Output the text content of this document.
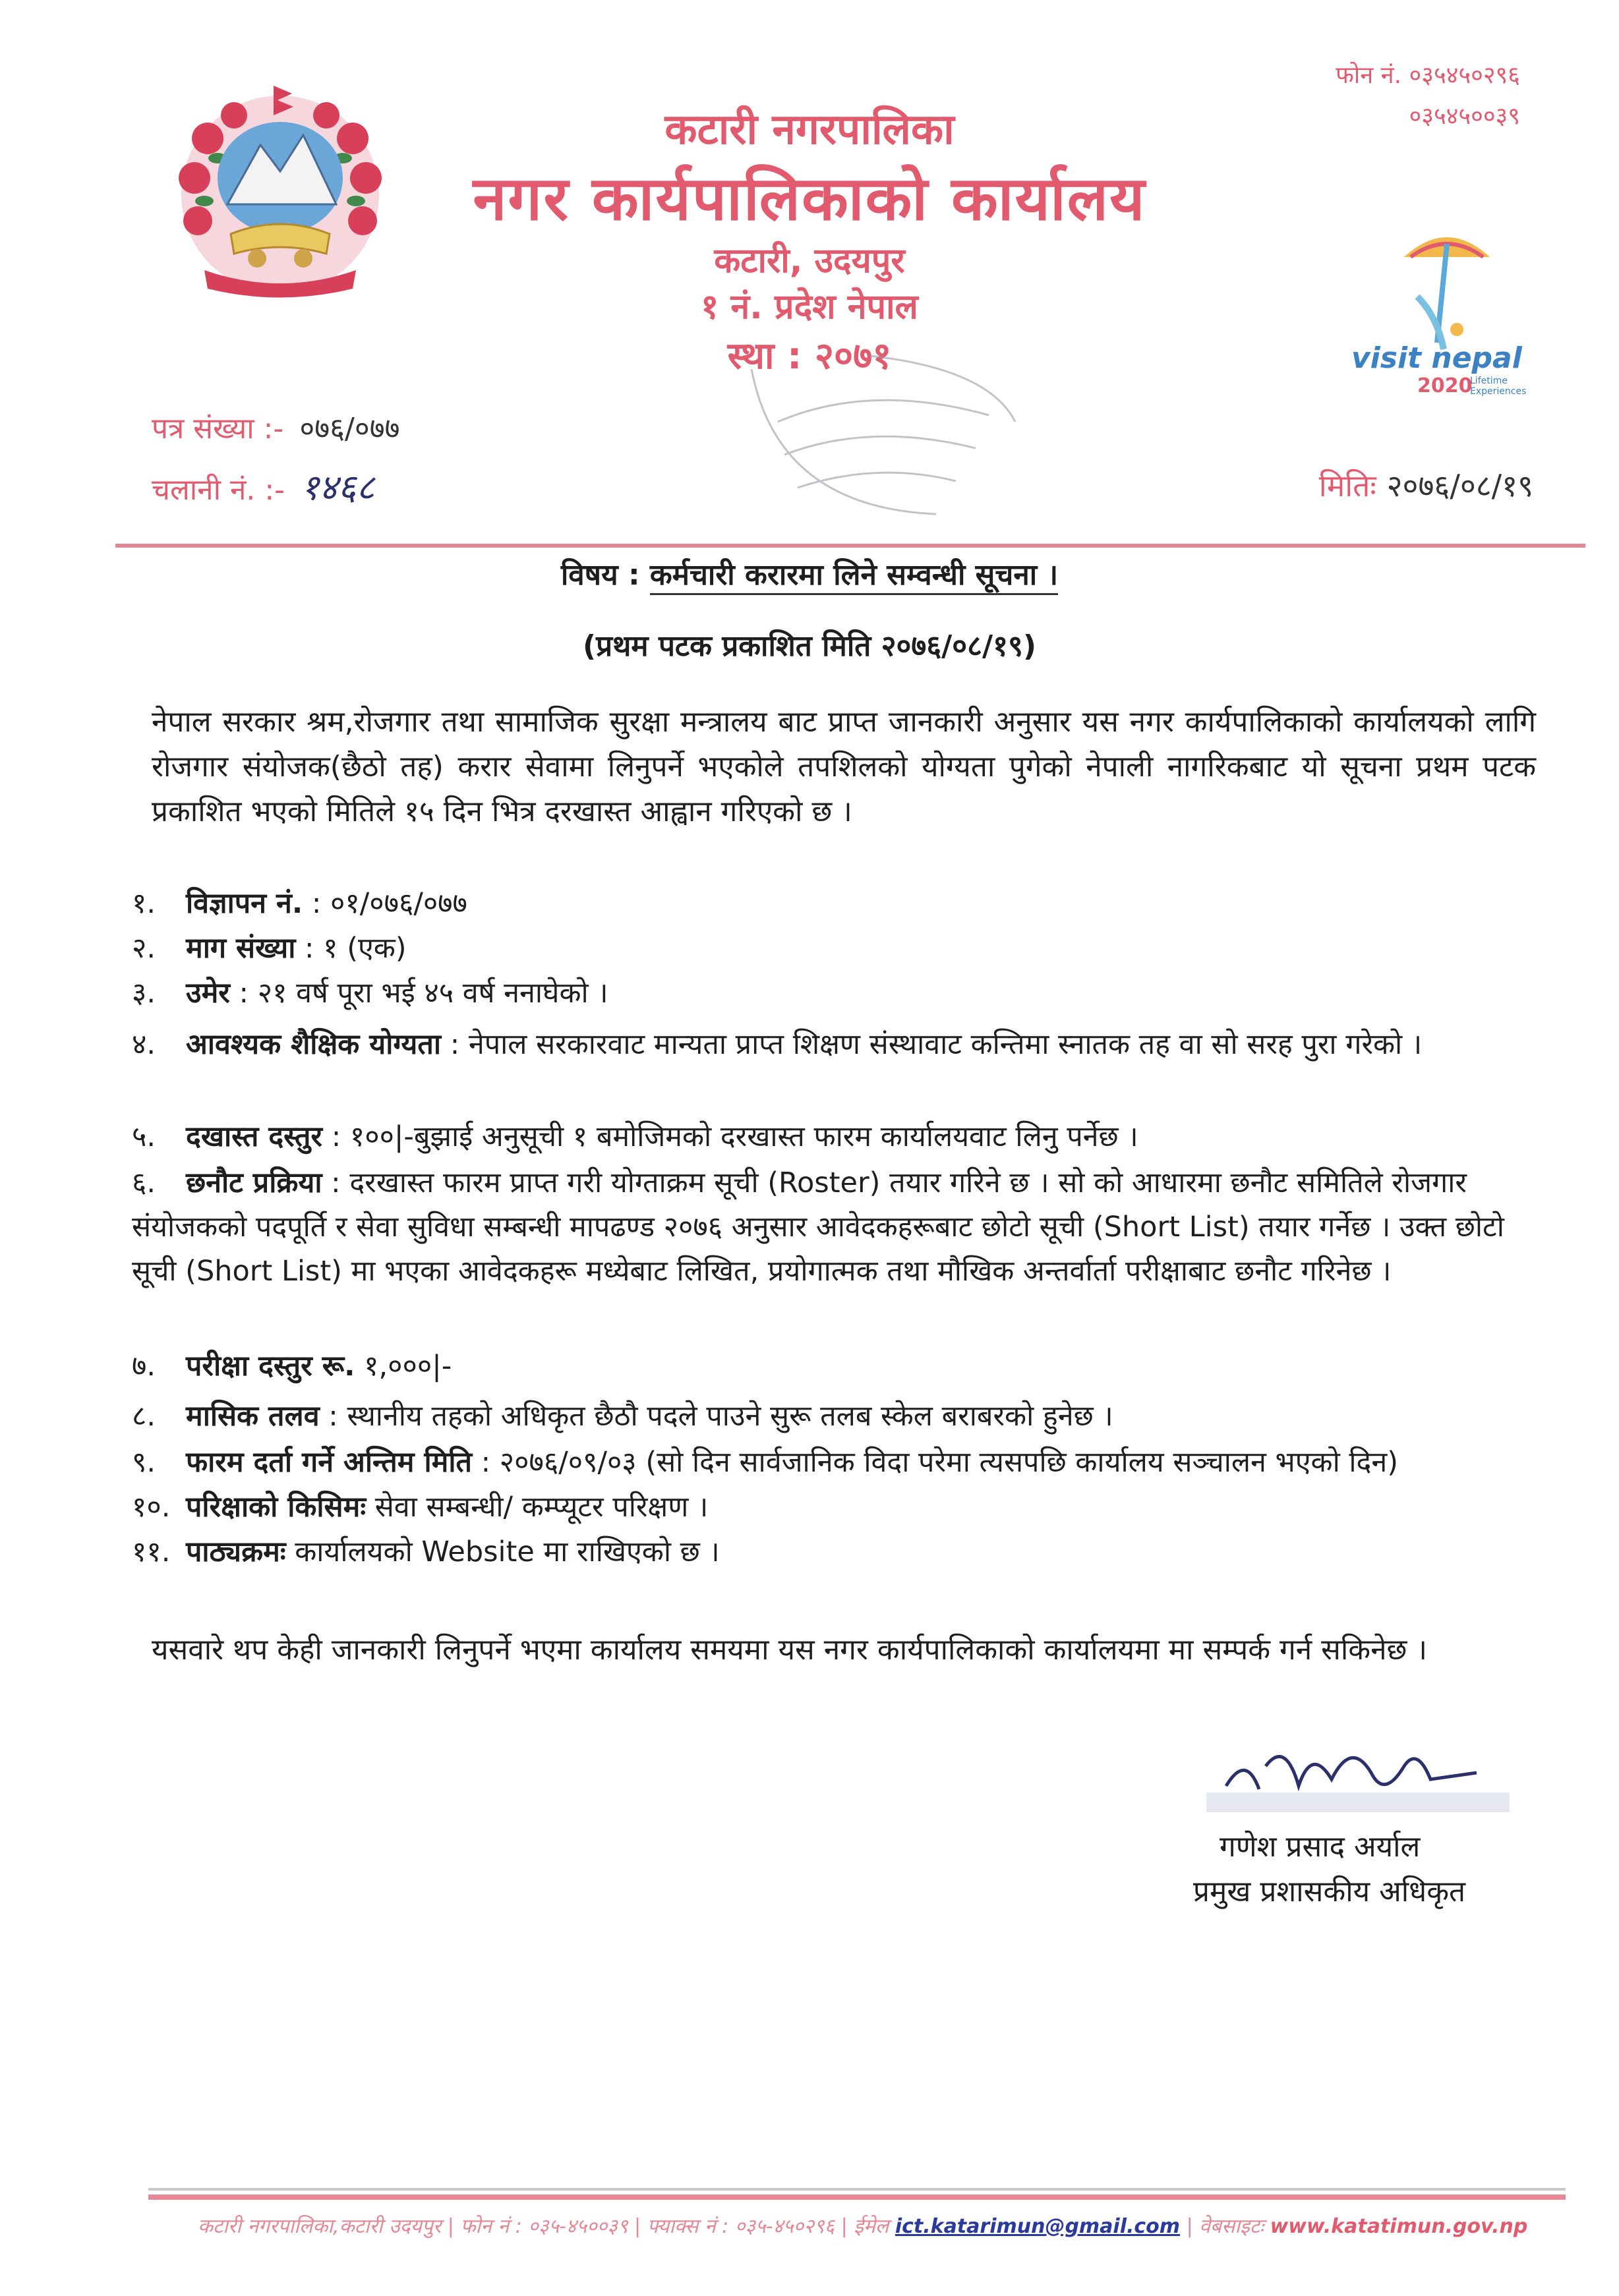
कटारी नगरपालिका
नगर कार्यपालिकाको कार्यालय
कटारी, उदयपुर
१ नं. प्रदेश नेपाल
स्था : २०७१
फोन नं. ०३५४५०२९६
०३५४५००३९
visit nepal
2020
Lifetime Experiences
पत्र संख्या :- ०७६/०७७
चलानी नं. :- १४६८	मितिः २०७६/०८/१९
विषय : कर्मचारी करारमा लिने सम्वन्धी सूचना ।
(प्रथम पटक प्रकाशित मिति २०७६/०८/१९)
नेपाल सरकार श्रम,रोजगार तथा सामाजिक सुरक्षा मन्त्रालय बाट प्राप्त जानकारी अनुसार यस नगर कार्यपालिकाको कार्यालयको लागि रोजगार संयोजक(छैठो तह) करार सेवामा लिनुपर्ने भएकोले तपशिलको योग्यता पुगेको नेपाली नागरिकबाट यो सूचना प्रथम पटक प्रकाशित भएको मितिले १५ दिन भित्र दरखास्त आह्वान गरिएको छ ।
१. विज्ञापन नं. : ०१/०७६/०७७
२. माग संख्या : १ (एक)
३. उमेर : २१ वर्ष पूरा भई ४५ वर्ष ननाघेको ।
४. आवश्यक शैक्षिक योग्यता : नेपाल सरकारवाट मान्यता प्राप्त शिक्षण संस्थावाट कन्तिमा स्नातक तह वा सो सरह पुरा गरेको ।
५. दखास्त दस्तुर : १००|-बुझाई अनुसूची १ बमोजिमको दरखास्त फारम कार्यालयवाट लिनु पर्नेछ ।
६. छनौट प्रक्रिया : दरखास्त फारम प्राप्त गरी योग्ताक्रम सूची (Roster) तयार गरिने छ । सो को आधारमा छनौट समितिले रोजगार संयोजकको पदपूर्ति र सेवा सुविधा सम्बन्धी मापढण्ड २०७६ अनुसार आवेदकहरूबाट छोटो सूची (Short List) तयार गर्नेछ । उक्त छोटो सूची (Short List) मा भएका आवेदकहरू मध्येबाट लिखित, प्रयोगात्मक तथा मौखिक अन्तर्वार्ता परीक्षाबाट छनौट गरिनेछ ।
७. परीक्षा दस्तुर रू. १,०००|-
८. मासिक तलव : स्थानीय तहको अधिकृत छैठौ पदले पाउने सुरू तलब स्केल बराबरको हुनेछ ।
९. फारम दर्ता गर्ने अन्तिम मिति : २०७६/०९/०३ (सो दिन सार्वजानिक विदा परेमा त्यसपछि कार्यालय सञ्चालन भएको दिन)
१०. परिक्षाको किसिमः सेवा सम्बन्धी/ कम्प्यूटर परिक्षण ।
११. पाठ्यक्रमः कार्यालयको Website मा राखिएको छ ।
यसवारे थप केही जानकारी लिनुपर्ने भएमा कार्यालय समयमा यस नगर कार्यपालिकाको कार्यालयमा मा सम्पर्क गर्न सकिनेछ ।
गणेश प्रसाद अर्याल
प्रमुख प्रशासकीय अधिकृत
कटारी नगरपालिका,कटारी उदयपुर | फोन नं : ०३५-४५००३९ | फ्याक्स नं : ०३५-४५०२९६ | ईमेल ict.katarimun@gmail.com | वेबसाइटः www.katatimun.gov.np
